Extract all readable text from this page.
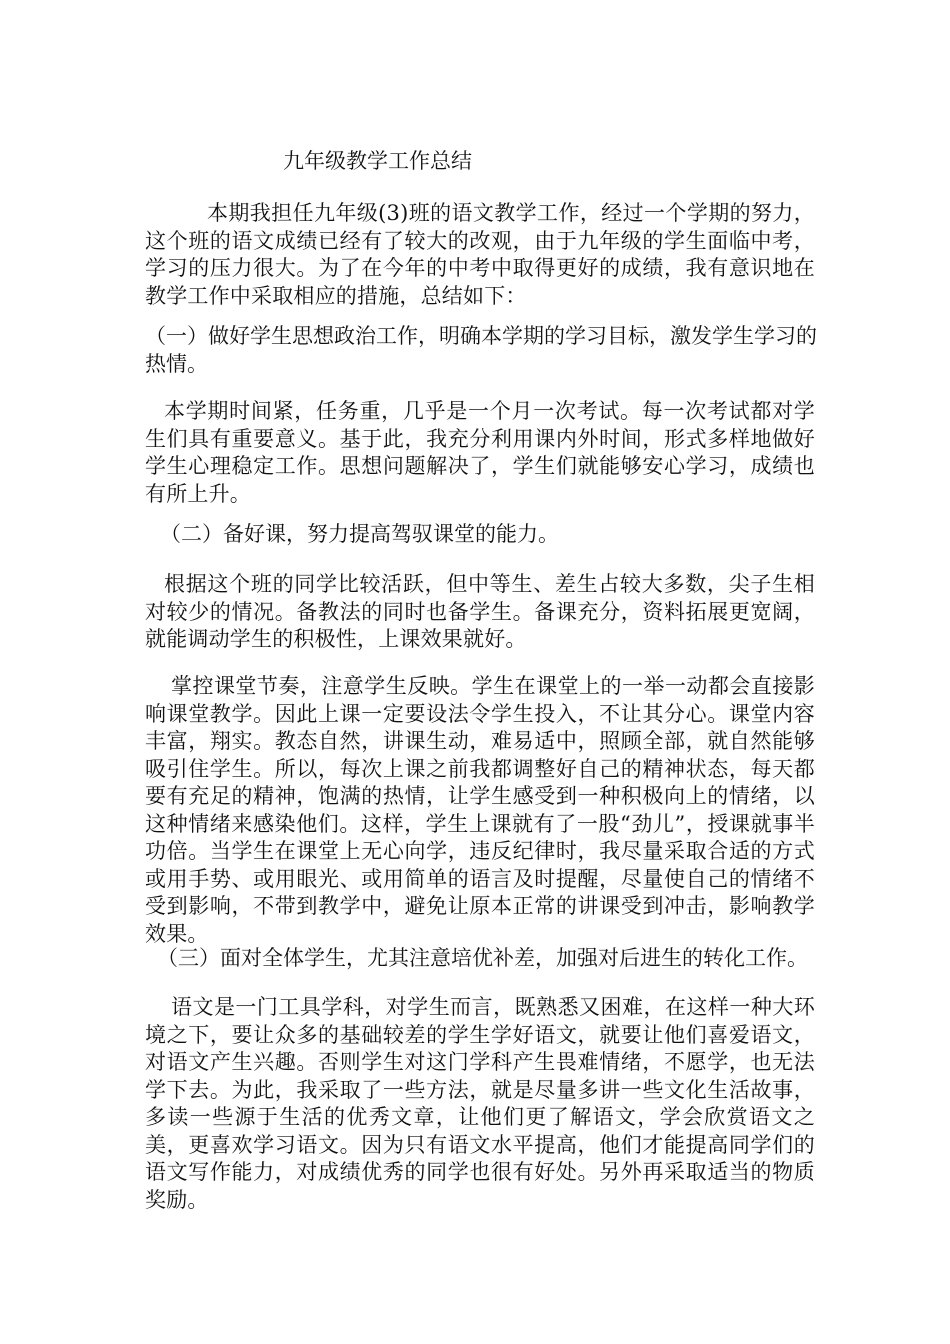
九年级教学工作总结

本期我担任九年级(3)班的语文教学工作，经过一个学期的努力，这个班的语文成绩已经有了较大的改观，由于九年级的学生面临中考，学习的压力很大。为了在今年的中考中取得更好的成绩，我有意识地在教学工作中采取相应的措施，总结如下：

（一）做好学生思想政治工作，明确本学期的学习目标，激发学生学习的热情。

本学期时间紧，任务重，几乎是一个月一次考试。每一次考试都对学生们具有重要意义。基于此，我充分利用课内外时间，形式多样地做好学生心理稳定工作。思想问题解决了，学生们就能够安心学习，成绩也有所上升。

（二）备好课，努力提高驾驭课堂的能力。

根据这个班的同学比较活跃，但中等生、差生占较大多数，尖子生相对较少的情况。备教法的同时也备学生。备课充分，资料拓展更宽阔，就能调动学生的积极性，上课效果就好。

掌控课堂节奏，注意学生反映。学生在课堂上的一举一动都会直接影响课堂教学。因此上课一定要设法令学生投入，不让其分心。课堂内容丰富，翔实。教态自然，讲课生动，难易适中，照顾全部，就自然能够吸引住学生。所以，每次上课之前我都调整好自己的精神状态，每天都要有充足的精神，饱满的热情，让学生感受到一种积极向上的情绪，以这种情绪来感染他们。这样，学生上课就有了一股“劲儿”，授课就事半功倍。当学生在课堂上无心向学，违反纪律时，我尽量采取合适的方式或用手势、或用眼光、或用简单的语言及时提醒，尽量使自己的情绪不受到影响，不带到教学中，避免让原本正常的讲课受到冲击，影响教学效果。

（三）面对全体学生，尤其注意培优补差，加强对后进生的转化工作。

语文是一门工具学科，对学生而言，既熟悉又困难，在这样一种大环境之下，要让众多的基础较差的学生学好语文，就要让他们喜爱语文，对语文产生兴趣。否则学生对这门学科产生畏难情绪，不愿学，也无法学下去。为此，我采取了一些方法，就是尽量多讲一些文化生活故事，多读一些源于生活的优秀文章，让他们更了解语文，学会欣赏语文之美，更喜欢学习语文。因为只有语文水平提高，他们才能提高同学们的语文写作能力，对成绩优秀的同学也很有好处。另外再采取适当的物质奖励。
